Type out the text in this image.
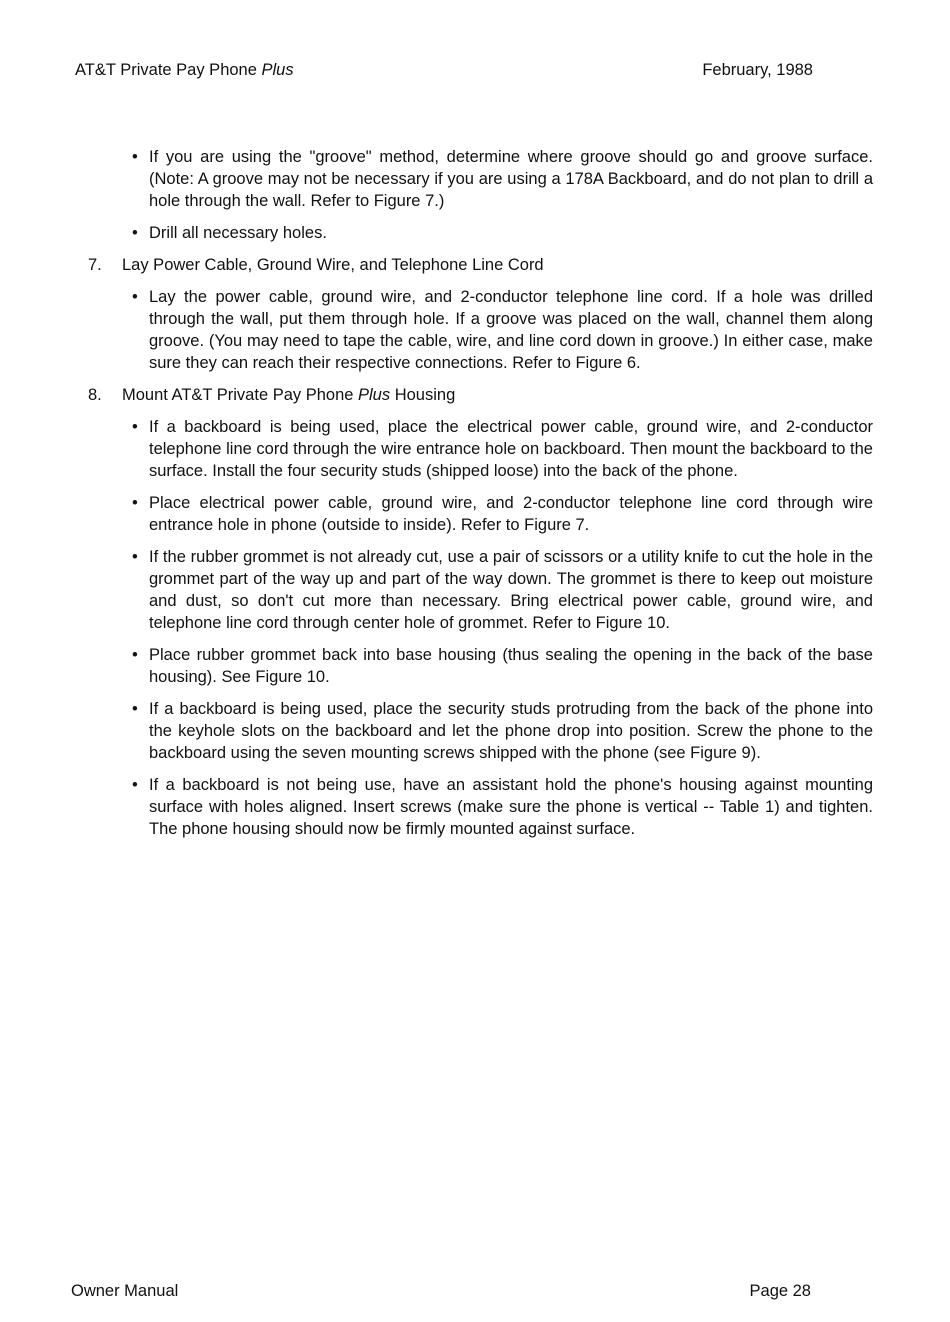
AT&T Private Pay Phone Plus	February, 1988
• If you are using the "groove" method, determine where groove should go and groove surface. (Note: A groove may not be necessary if you are using a 178A Backboard, and do not plan to drill a hole through the wall. Refer to Figure 7.)
• Drill all necessary holes.
7. Lay Power Cable, Ground Wire, and Telephone Line Cord
• Lay the power cable, ground wire, and 2-conductor telephone line cord. If a hole was drilled through the wall, put them through hole. If a groove was placed on the wall, channel them along groove. (You may need to tape the cable, wire, and line cord down in groove.) In either case, make sure they can reach their respective connections. Refer to Figure 6.
8. Mount AT&T Private Pay Phone Plus Housing
• If a backboard is being used, place the electrical power cable, ground wire, and 2-conductor telephone line cord through the wire entrance hole on backboard. Then mount the backboard to the surface. Install the four security studs (shipped loose) into the back of the phone.
• Place electrical power cable, ground wire, and 2-conductor telephone line cord through wire entrance hole in phone (outside to inside). Refer to Figure 7.
• If the rubber grommet is not already cut, use a pair of scissors or a utility knife to cut the hole in the grommet part of the way up and part of the way down. The grommet is there to keep out moisture and dust, so don't cut more than necessary. Bring electrical power cable, ground wire, and telephone line cord through center hole of grommet. Refer to Figure 10.
• Place rubber grommet back into base housing (thus sealing the opening in the back of the base housing). See Figure 10.
• If a backboard is being used, place the security studs protruding from the back of the phone into the keyhole slots on the backboard and let the phone drop into position. Screw the phone to the backboard using the seven mounting screws shipped with the phone (see Figure 9).
• If a backboard is not being use, have an assistant hold the phone's housing against mounting surface with holes aligned. Insert screws (make sure the phone is vertical -- Table 1) and tighten. The phone housing should now be firmly mounted against surface.
Owner Manual	Page 28
